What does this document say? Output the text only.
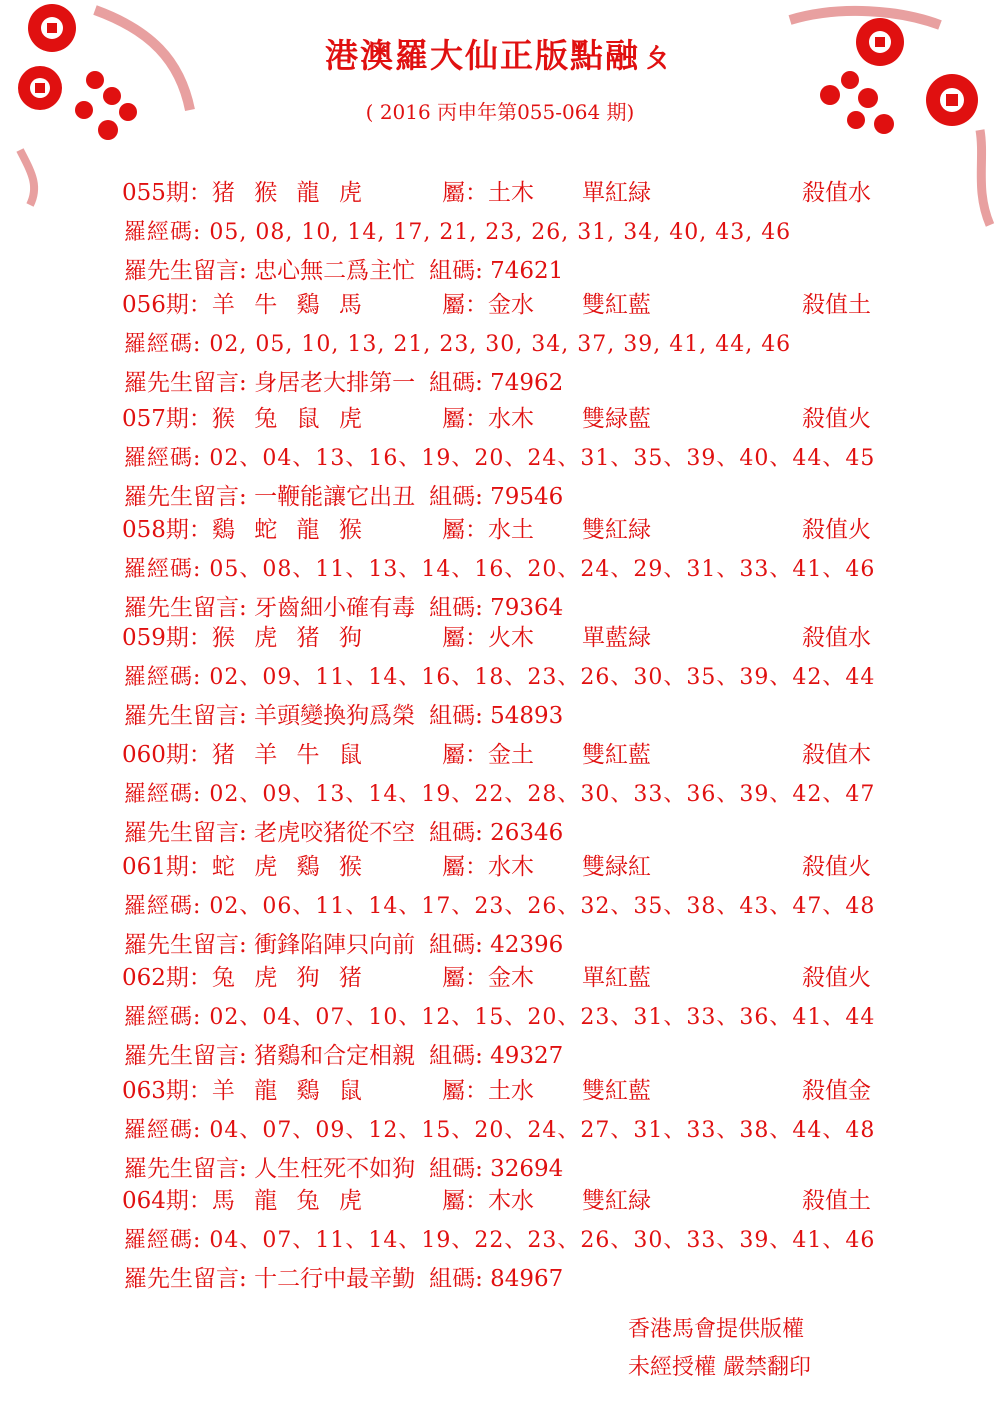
港澳羅大仙正版點融ㄆ
( 2016 丙申年第055-064 期)
055期：猪 猴 龍 虎	屬：土木 單紅緑	殺值水
羅經碼: 05, 08, 10, 14, 17, 21, 23, 26, 31, 34, 40, 43, 46
羅先生留言: 忠心無二爲主忙 組碼: 74621
056期：羊 牛 鷄 馬	屬：金水 雙紅藍	殺值土
羅經碼: 02, 05, 10, 13, 21, 23, 30, 34, 37, 39, 41, 44, 46
羅先生留言: 身居老大排第一 組碼: 74962
057期：猴 兔 鼠 虎	屬：水木 雙緑藍	殺值火
羅經碼: 02、04、13、16、19、20、24、31、35、39、40、44、45
羅先生留言: 一鞭能讓它出丑 組碼: 79546
058期：鷄 蛇 龍 猴	屬：水土 雙紅緑	殺值火
羅經碼: 05、08、11、13、14、16、20、24、29、31、33、41、46
羅先生留言: 牙齒細小確有毒 組碼: 79364
059期：猴 虎 猪 狗	屬：火木 單藍緑	殺值水
羅經碼: 02、09、11、14、16、18、23、26、30、35、39、42、44
羅先生留言: 羊頭變換狗爲榮 組碼: 54893
060期：猪 羊 牛 鼠	屬：金土 雙紅藍	殺值木
羅經碼: 02、09、13、14、19、22、28、30、33、36、39、42、47
羅先生留言: 老虎咬猪從不空 組碼: 26346
061期：蛇 虎 鷄 猴	屬：水木 雙緑紅	殺值火
羅經碼: 02、06、11、14、17、23、26、32、35、38、43、47、48
羅先生留言: 衝鋒陷陣只向前 組碼: 42396
062期：兔 虎 狗 猪	屬：金木 單紅藍	殺值火
羅經碼: 02、04、07、10、12、15、20、23、31、33、36、41、44
羅先生留言: 猪鷄和合定相親 組碼: 49327
063期：羊 龍 鷄 鼠	屬：土水 雙紅藍	殺值金
羅經碼: 04、07、09、12、15、20、24、27、31、33、38、44、48
羅先生留言: 人生枉死不如狗 組碼: 32694
064期：馬 龍 兔 虎	屬：木水 雙紅緑	殺值土
羅經碼: 04、07、11、14、19、22、23、26、30、33、39、41、46
羅先生留言: 十二行中最辛勤 組碼: 84967
香港馬會提供版權
未經授權 嚴禁翻印
